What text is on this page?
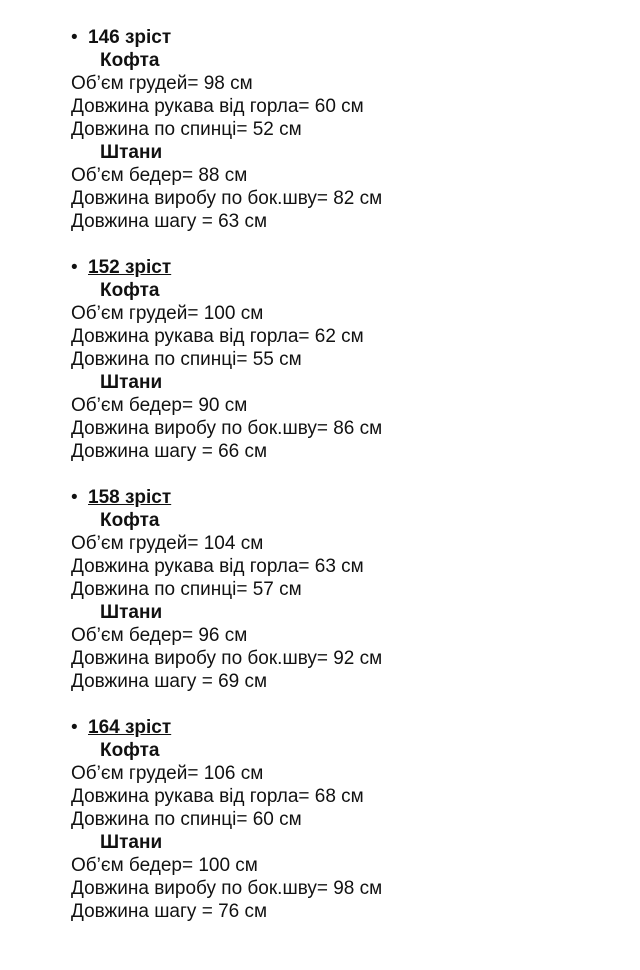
• 146 зріст
Кофта
Об’єм грудей= 98 см
Довжина рукава від горла= 60 см
Довжина по спинці= 52 см
Штани
Об’єм бедер= 88 см
Довжина виробу по бок.шву= 82 см
Довжина шагу = 63 см
• 152 зріст
Кофта
Об’єм грудей= 100 см
Довжина рукава від горла= 62 см
Довжина по спинці= 55 см
Штани
Об’єм бедер= 90 см
Довжина виробу по бок.шву= 86 см
Довжина шагу = 66 см
• 158 зріст
Кофта
Об’єм грудей= 104 см
Довжина рукава від горла= 63 см
Довжина по спинці= 57 см
Штани
Об’єм бедер= 96 см
Довжина виробу по бок.шву= 92 см
Довжина шагу = 69 см
• 164 зріст
Кофта
Об’єм грудей= 106 см
Довжина рукава від горла= 68 см
Довжина по спинці= 60 см
Штани
Об’єм бедер= 100 см
Довжина виробу по бок.шву= 98 см
Довжина шагу = 76 см
